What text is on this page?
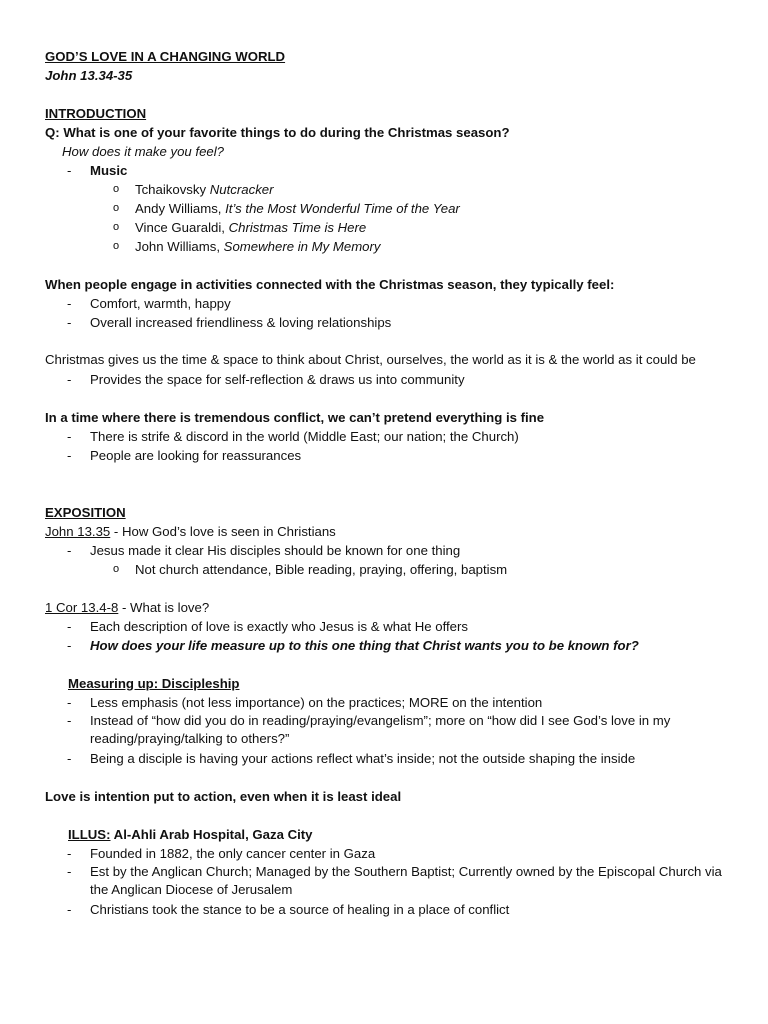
GOD’S LOVE IN A CHANGING WORLD
John 13.34-35
INTRODUCTION
Q: What is one of your favorite things to do during the Christmas season?
How does it make you feel?
- Music
o Tchaikovsky Nutcracker
o Andy Williams, It’s the Most Wonderful Time of the Year
o Vince Guaraldi, Christmas Time is Here
o John Williams, Somewhere in My Memory
When people engage in activities connected with the Christmas season, they typically feel:
- Comfort, warmth, happy
- Overall increased friendliness & loving relationships
Christmas gives us the time & space to think about Christ, ourselves, the world as it is & the world as it could be
- Provides the space for self-reflection & draws us into community
In a time where there is tremendous conflict, we can’t pretend everything is fine
- There is strife & discord in the world (Middle East; our nation; the Church)
- People are looking for reassurances
EXPOSITION
John 13.35 - How God’s love is seen in Christians
- Jesus made it clear His disciples should be known for one thing
o Not church attendance, Bible reading, praying, offering, baptism
1 Cor 13.4-8 - What is love?
- Each description of love is exactly who Jesus is & what He offers
- How does your life measure up to this one thing that Christ wants you to be known for?
Measuring up: Discipleship
- Less emphasis (not less importance) on the practices; MORE on the intention
- Instead of “how did you do in reading/praying/evangelism”; more on “how did I see God’s love in my reading/praying/talking to others?”
- Being a disciple is having your actions reflect what’s inside; not the outside shaping the inside
Love is intention put to action, even when it is least ideal
ILLUS: Al-Ahli Arab Hospital, Gaza City
- Founded in 1882, the only cancer center in Gaza
- Est by the Anglican Church; Managed by the Southern Baptist; Currently owned by the Episcopal Church via the Anglican Diocese of Jerusalem
- Christians took the stance to be a source of healing in a place of conflict
